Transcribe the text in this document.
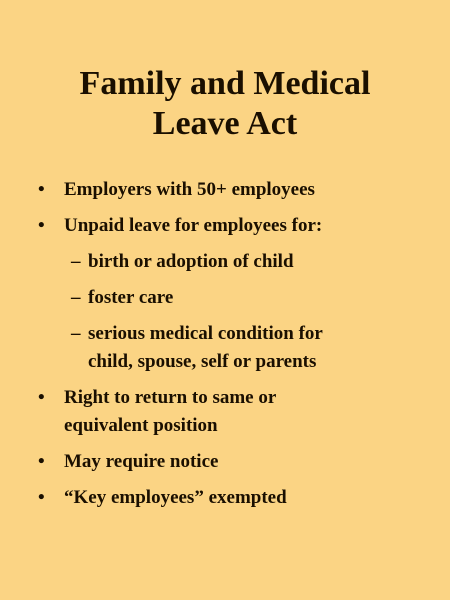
Family and Medical
Leave Act
• Employers with 50+ employees
• Unpaid leave for employees for:
– birth or adoption of child
– foster care
– serious medical condition for
child, spouse, self or parents
• Right to return to same or
equivalent position
• May require notice
• “Key employees” exempted
